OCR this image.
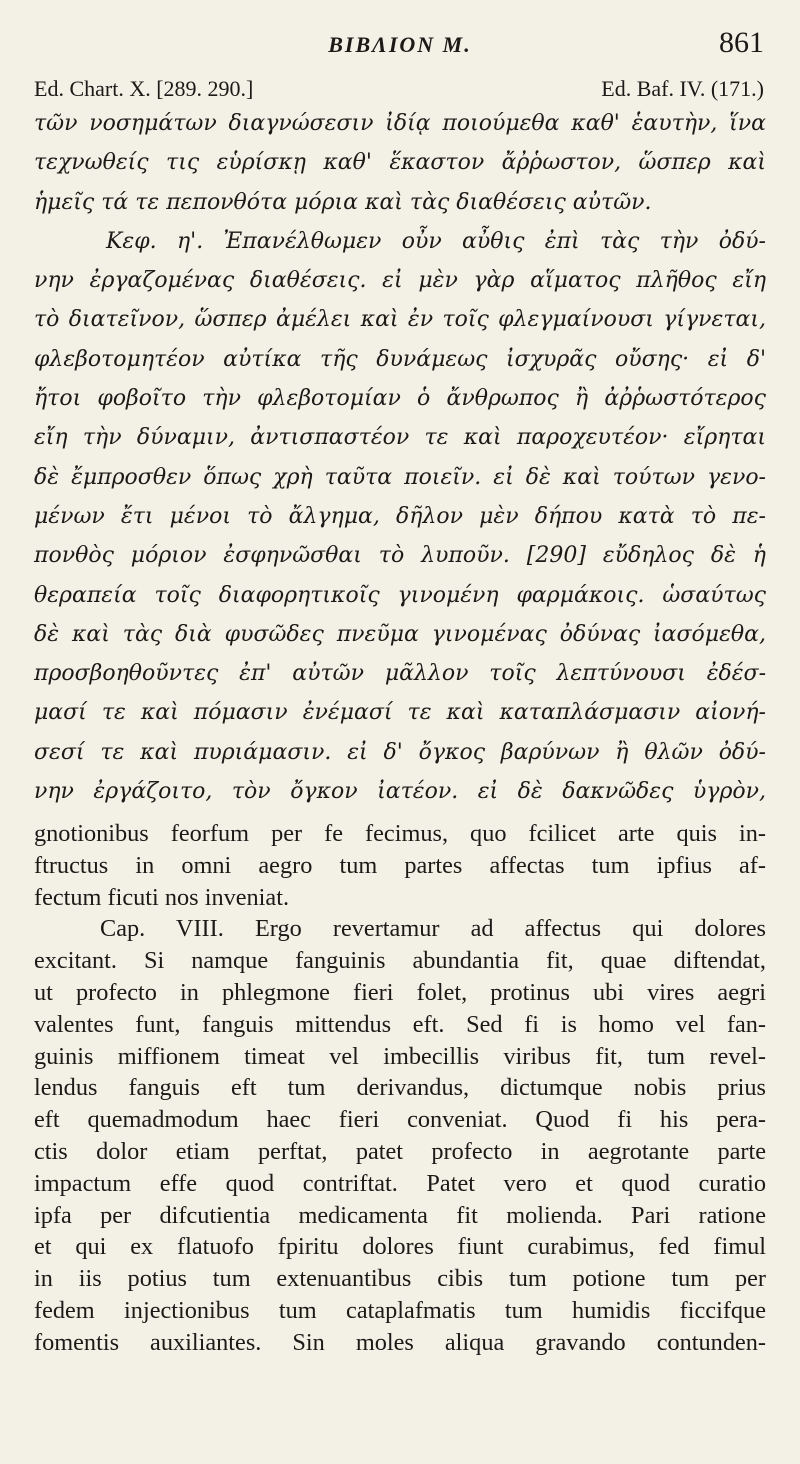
BIBΛΙΟΝ Μ.	861
Ed. Chart. X. [289. 290.]	Ed. Baf. IV. (171.)
τῶν νοσημάτων διαγνώσεσιν ἰδίᾳ ποιούμεθα καθ' ἑαυτὴν, ἵνα
τεχνωθείς τις εὑρίσκῃ καθ' ἕκαστον ἄῤῥωστον, ὥσπερ καὶ
ἡμεῖς τά τε πεπονθότα μόρια καὶ τὰς διαθέσεις αὐτῶν.
Κεφ. η'. Ἐπανέλθωμεν οὖν αὖθις ἐπὶ τὰς τὴν ὀδύ-
νην ἐργαζομένας διαθέσεις. εἰ μὲν γὰρ αἵματος πλῆθος εἴη
τὸ διατεῖνον, ὥσπερ ἀμέλει καὶ ἐν τοῖς φλεγμαίνουσι γίγνεται,
φλεβοτομητέον αὐτίκα τῆς δυνάμεως ἰσχυρᾶς οὔσης· εἰ δ'
ἤτοι φοβοῖτο τὴν φλεβοτομίαν ὁ ἄνθρωπος ἢ ἀῤῥωστότερος
εἴη τὴν δύναμιν, ἀντισπαστέον τε καὶ παροχευτέον· εἴρηται
δὲ ἔμπροσθεν ὅπως χρὴ ταῦτα ποιεῖν. εἰ δὲ καὶ τούτων γενο-
μένων ἔτι μένοι τὸ ἄλγημα, δῆλον μὲν δήπου κατὰ τὸ πε-
πονθὸς μόριον ἐσφηνῶσθαι τὸ λυποῦν. [290] εὔδηλος δὲ ἡ
θεραπεία τοῖς διαφορητικοῖς γινομένη φαρμάκοις. ὡσαύτως
δὲ καὶ τὰς διὰ φυσῶδες πνεῦμα γινομένας ὀδύνας ἰασόμεθα,
προσβοηθοῦντες ἐπ' αὐτῶν μᾶλλον τοῖς λεπτύνουσι ἐδέσ-
μασί τε καὶ πόμασιν ἐνέμασί τε καὶ καταπλάσμασιν αἰονή-
σεσί τε καὶ πυριάμασιν. εἰ δ' ὄγκος βαρύνων ἢ θλῶν ὀδύ-
νην ἐργάζοιτο, τὸν ὄγκον ἰατέον. εἰ δὲ δακνῶδες ὑγρὸν,
gnotionibus feorfum per fe fecimus, quo fcilicet arte quis in-
ftructus in omni aegro tum partes affectas tum ipfius af-
fectum ficuti nos inveniat.
Cap. VIII. Ergo revertamur ad affectus qui dolores
excitant. Si namque fanguinis abundantia fit, quae diftendat,
ut profecto in phlegmone fieri folet, protinus ubi vires aegri
valentes funt, fanguis mittendus eft. Sed fi is homo vel fan-
guinis miffionem timeat vel imbecillis viribus fit, tum revel-
lendus fanguis eft tum derivandus, dictumque nobis prius
eft quemadmodum haec fieri conveniat. Quod fi his pera-
ctis dolor etiam perftat, patet profecto in aegrotante parte
impactum effe quod contriftat. Patet vero et quod curatio
ipfa per difcutientia medicamenta fit molienda. Pari ratione
et qui ex flatuofo fpiritu dolores fiunt curabimus, fed fimul
in iis potius tum extenuantibus cibis tum potione tum per
fedem injectionibus tum cataplafmatis tum humidis ficcifque
fomentis auxiliantes. Sin moles aliqua gravando contunden-
